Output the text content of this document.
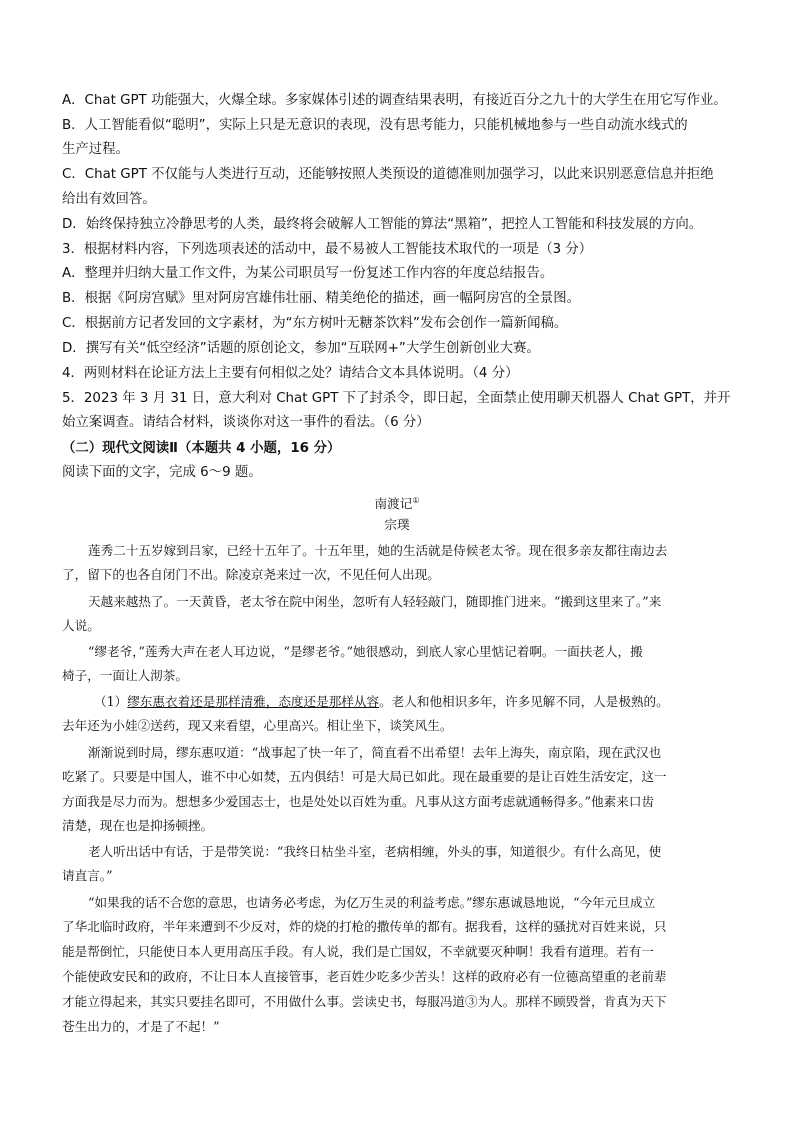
A．Chat GPT 功能强大，火爆全球。多家媒体引述的调查结果表明，有接近百分之九十的大学生在用它写作业。
B．人工智能看似“聪明”，实际上只是无意识的表现，没有思考能力，只能机械地参与一些自动流水线式的
生产过程。
C．Chat GPT 不仅能与人类进行互动，还能够按照人类预设的道德准则加强学习，以此来识别恶意信息并拒绝
给出有效回答。
D．始终保持独立冷静思考的人类，最终将会破解人工智能的算法“黑箱”，把控人工智能和科技发展的方向。
3．根据材料内容，下列选项表述的活动中，最不易被人工智能技术取代的一项是（3 分）
A．整理并归纳大量工作文件，为某公司职员写一份复述工作内容的年度总结报告。
B．根据《阿房宫赋》里对阿房宫雄伟壮丽、精美绝伦的描述，画一幅阿房宫的全景图。
C．根据前方记者发回的文字素材，为“东方树叶无糖茶饮料”发布会创作一篇新闻稿。
D．撰写有关“低空经济”话题的原创论文，参加“互联网+”大学生创新创业大赛。
4．两则材料在论证方法上主要有何相似之处？请结合文本具体说明。（4 分）
5．2023 年 3 月 31 日，意大利对 Chat GPT 下了封杀令，即日起，全面禁止使用聊天机器人 Chat GPT，并开
始立案调查。请结合材料，谈谈你对这一事件的看法。（6 分）
（二）现代文阅读Ⅱ（本题共 4 小题，16 分）
阅读下面的文字，完成 6～9 题。
南渡记①
宗璞
莲秀二十五岁嫁到吕家，已经十五年了。十五年里，她的生活就是侍候老太爷。现在很多亲友都往南边去
了，留下的也各自闭门不出。除凌京尧来过一次，不见任何人出现。
天越来越热了。一天黄昏，老太爷在院中闲坐，忽听有人轻轻敲门，随即推门进来。“搬到这里来了。”来
人说。
“缪老爷，”莲秀大声在老人耳边说，“是缪老爷。”她很感动，到底人家心里惦记着啊。一面扶老人，搬
椅子，一面让人沏茶。
（1）缪东惠衣着还是那样清雅，态度还是那样从容。老人和他相识多年，许多见解不同，人是极熟的。
去年还为小娃②送药，现又来看望，心里高兴。相让坐下，谈笑风生。
渐渐说到时局，缪东惠叹道：“战事起了快一年了，简直看不出希望！去年上海失，南京陷，现在武汉也
吃紧了。只要是中国人，谁不中心如焚，五内俱结！可是大局已如此。现在最重要的是让百姓生活安定，这一
方面我是尽力而为。想想多少爱国志士，也是处处以百姓为重。凡事从这方面考虑就通畅得多。”他素来口齿
清楚，现在也是抑扬顿挫。
老人听出话中有话，于是带笑说：“我终日枯坐斗室，老病相缠，外头的事，知道很少。有什么高见，使
请直言。”
“如果我的话不合您的意思，也请务必考虑，为亿万生灵的利益考虑。”缪东惠诚恳地说，“今年元旦成立
了华北临时政府，半年来遭到不少反对，炸的烧的打枪的撒传单的都有。据我看，这样的骚扰对百姓来说，只
能是帮倒忙，只能使日本人更用高压手段。有人说，我们是亡国奴，不幸就要灭种啊！我看有道理。若有一
个能使政安民和的政府，不让日本人直接管事，老百姓少吃多少苦头！这样的政府必有一位德高望重的老前辈
才能立得起来，其实只要挂名即可，不用做什么事。尝读史书，每服冯道③为人。那样不顾毁誉，肯真为天下
苍生出力的，才是了不起！”
